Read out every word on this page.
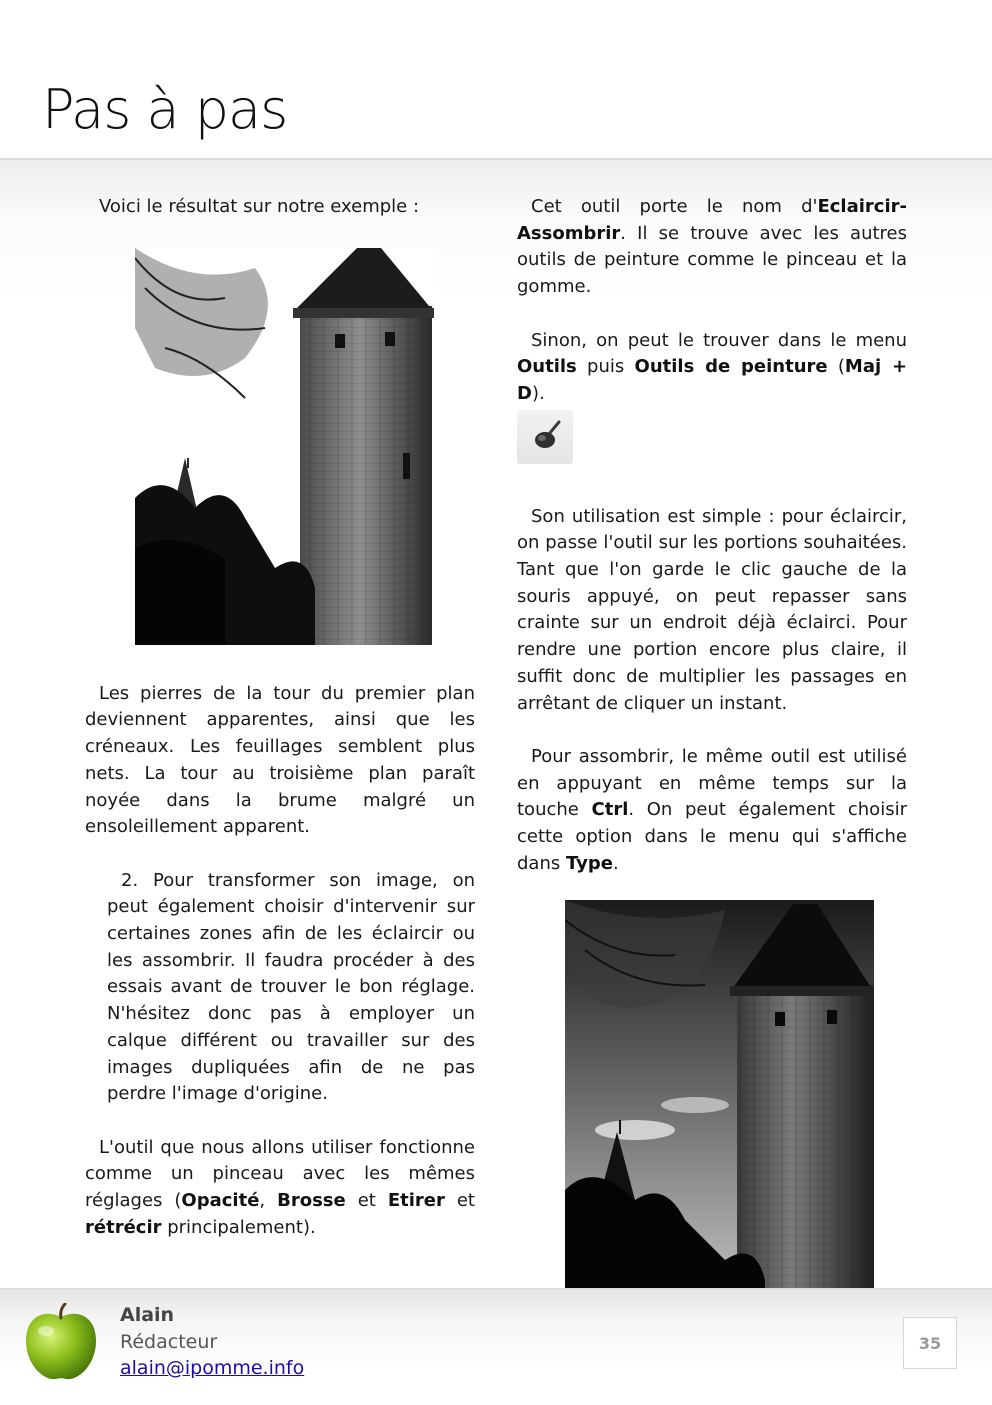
Pas à pas

Voici le résultat sur notre exemple :

Les pierres de la tour du premier plan deviennent apparentes, ainsi que les créneaux. Les feuillages semblent plus nets. La tour au troisième plan paraît noyée dans la brume malgré un ensoleillement apparent.

2. Pour transformer son image, on peut également choisir d'intervenir sur certaines zones afin de les éclaircir ou les assombrir. Il faudra procéder à des essais avant de trouver le bon réglage. N'hésitez donc pas à employer un calque différent ou travailler sur des images dupliquées afin de ne pas perdre l'image d'origine.

L'outil que nous allons utiliser fonctionne comme un pinceau avec les mêmes réglages (Opacité, Brosse et Etirer et rétrécir principalement).

Cet outil porte le nom d'Eclaircir-Assombrir. Il se trouve avec les autres outils de peinture comme le pinceau et la gomme.

Sinon, on peut le trouver dans le menu Outils puis Outils de peinture (Maj + D).

Son utilisation est simple : pour éclaircir, on passe l'outil sur les portions souhaitées. Tant que l'on garde le clic gauche de la souris appuyé, on peut repasser sans crainte sur un endroit déjà éclairci. Pour rendre une portion encore plus claire, il suffit donc de multiplier les passages en arrêtant de cliquer un instant.

Pour assombrir, le même outil est utilisé en appuyant en même temps sur la touche Ctrl. On peut également choisir cette option dans le menu qui s'affiche dans Type.

Alain
Rédacteur
alain@ipomme.info
35
